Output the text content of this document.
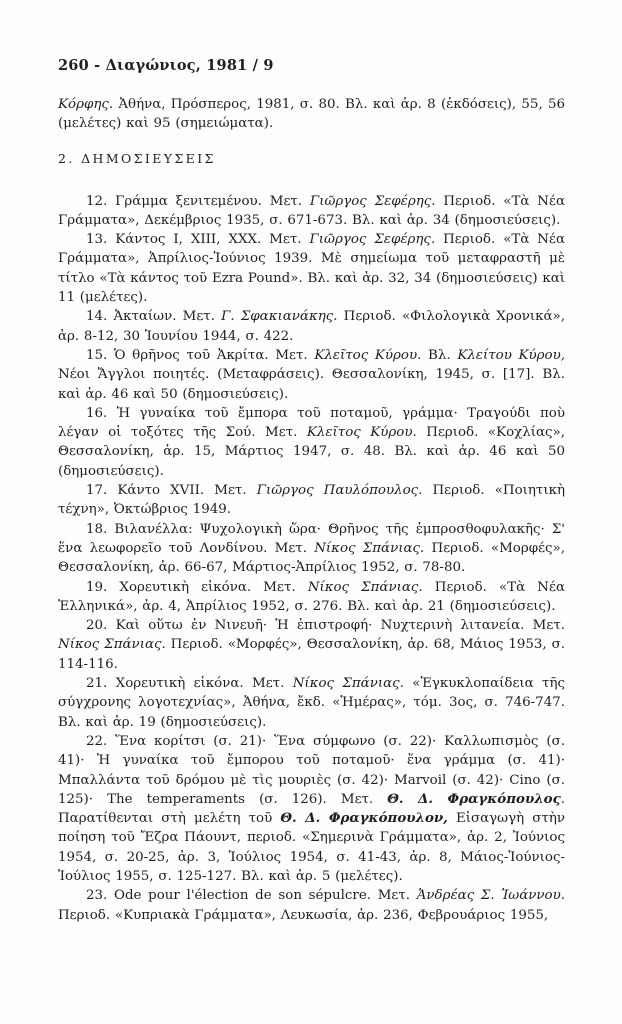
260 - Διαγώνιος, 1981 / 9

Κόρφης. Ἀθήνα, Πρόσπερος, 1981, σ. 80. Βλ. καὶ ἀρ. 8 (ἐκδόσεις), 55, 56 (μελέτες) καὶ 95 (σημειώματα).

2. ΔΗΜΟΣΙΕΥΣΕΙΣ

12. Γράμμα ξενιτεμένου. Μετ. Γιῶργος Σεφέρης. Περιοδ. «Τὰ Νέα Γράμματα», Δεκέμβριος 1935, σ. 671-673. Βλ. καὶ ἀρ. 34 (δημοσιεύσεις).

13. Κάντος I, XIII, XXX. Μετ. Γιῶργος Σεφέρης. Περιοδ. «Τὰ Νέα Γράμματα», Ἀπρίλιος-Ἰούνιος 1939. Μὲ σημείωμα τοῦ μεταφραστῆ μὲ τίτλο «Τὰ κάντος τοῦ Ezra Pound». Βλ. καὶ ἀρ. 32, 34 (δημοσιεύσεις) καὶ 11 (μελέτες).

14. Ἀκταίων. Μετ. Γ. Σφακιανάκης. Περιοδ. «Φιλολογικὰ Χρονικά», ἀρ. 8-12, 30 Ἰουνίου 1944, σ. 422.

15. Ὁ θρῆνος τοῦ Ἀκρίτα. Μετ. Κλεῖτος Κύρου. Βλ. Κλείτου Κύρου, Νέοι Ἄγγλοι ποιητές. (Μεταφράσεις). Θεσσαλονίκη, 1945, σ. [17]. Βλ. καὶ ἀρ. 46 καὶ 50 (δημοσιεύσεις).

16. Ἡ γυναίκα τοῦ ἔμπορα τοῦ ποταμοῦ, γράμμα· Τραγούδι ποὺ λέγαν οἱ τοξότες τῆς Σού. Μετ. Κλεῖτος Κύρου. Περιοδ. «Κοχλίας», Θεσσαλονίκη, ἀρ. 15, Μάρτιος 1947, σ. 48. Βλ. καὶ ἀρ. 46 καὶ 50 (δημοσιεύσεις).

17. Κάντο XVII. Μετ. Γιῶργος Παυλόπουλος. Περιοδ. «Ποιητικὴ τέχνη», Ὀκτώβριος 1949.

18. Βιλανέλλα: Ψυχολογικὴ ὥρα· Θρῆνος τῆς ἐμπροσθοφυλακῆς· Σ' ἕνα λεωφορεῖο τοῦ Λονδίνου. Μετ. Νίκος Σπάνιας. Περιοδ. «Μορφές», Θεσσαλονίκη, ἀρ. 66-67, Μάρτιος-Ἀπρίλιος 1952, σ. 78-80.

19. Χορευτικὴ εἰκόνα. Μετ. Νίκος Σπάνιας. Περιοδ. «Τὰ Νέα Ἑλληνικά», ἀρ. 4, Ἀπρίλιος 1952, σ. 276. Βλ. καὶ ἀρ. 21 (δημοσιεύσεις).

20. Καὶ οὕτω ἐν Νινευῆ· Ἡ ἐπιστροφή· Νυχτερινὴ λιτανεία. Μετ. Νίκος Σπάνιας. Περιοδ. «Μορφές», Θεσσαλονίκη, ἀρ. 68, Μάιος 1953, σ. 114-116.

21. Χορευτικὴ εἰκόνα. Μετ. Νίκος Σπάνιας. «Ἐγκυκλοπαίδεια τῆς σύγχρονης λογοτεχνίας», Ἀθήνα, ἔκδ. «Ἡμέρας», τόμ. 3ος, σ. 746-747. Βλ. καὶ ἀρ. 19 (δημοσιεύσεις).

22. Ἕνα κορίτσι (σ. 21)· Ἕνα σύμφωνο (σ. 22)· Καλλωπισμὸς (σ. 41)· Ἡ γυναίκα τοῦ ἔμπορου τοῦ ποταμοῦ· ἕνα γράμμα (σ. 41)· Μπαλλάντα τοῦ δρόμου μὲ τὶς μουριὲς (σ. 42)· Marvoil (σ. 42)· Cino (σ. 125)· The temperaments (σ. 126). Μετ. Θ. Δ. Φραγκόπουλος. Παρατίθενται στὴ μελέτη τοῦ Θ. Δ. Φραγκόπουλον, Εἰσαγωγὴ στὴν ποίηση τοῦ Ἔζρα Πάουντ, περιοδ. «Σημερινὰ Γράμματα», ἀρ. 2, Ἰούνιος 1954, σ. 20-25, ἀρ. 3, Ἰούλιος 1954, σ. 41-43, ἀρ. 8, Μάιος-Ἰούνιος-Ἰούλιος 1955, σ. 125-127. Βλ. καὶ ἀρ. 5 (μελέτες).

23. Ode pour l'élection de son sépulcre. Μετ. Ἀνδρέας Σ. Ἰωάννου. Περιοδ. «Κυπριακὰ Γράμματα», Λευκωσία, ἀρ. 236, Φεβρουάριος 1955,
